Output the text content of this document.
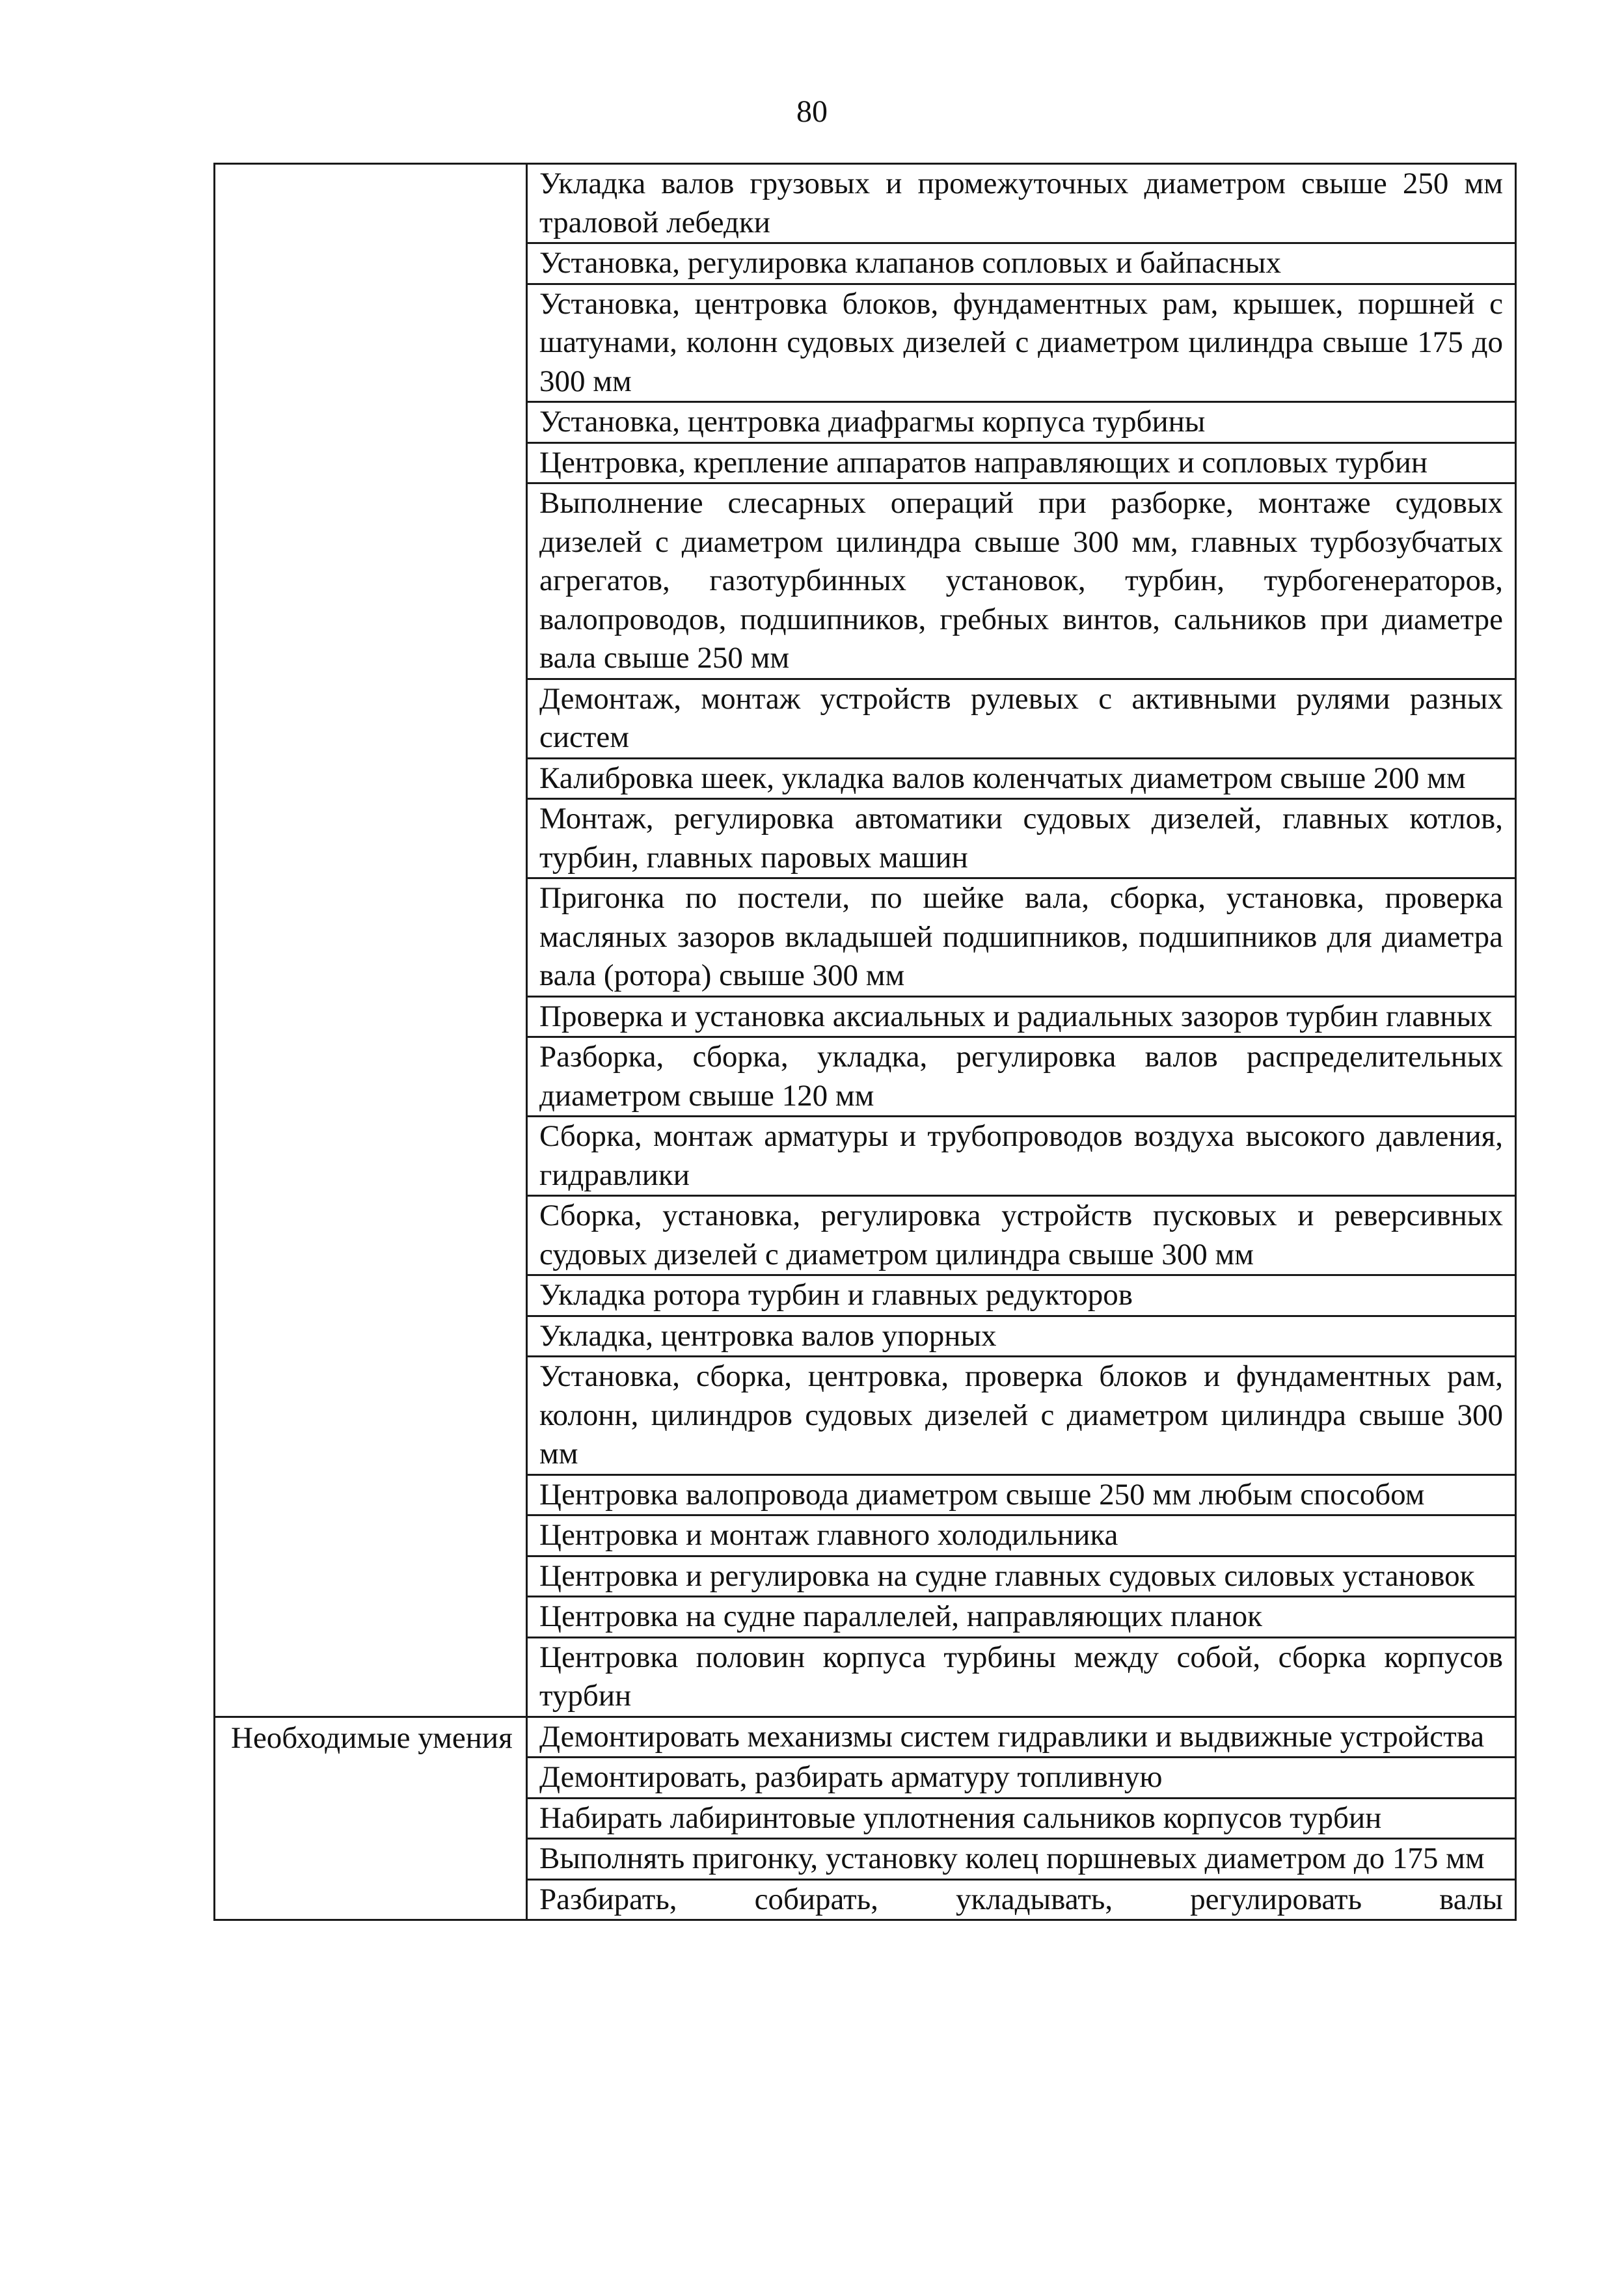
80
	Укладка валов грузовых и промежуточных диаметром свыше 250 мм траловой лебедки
	Установка, регулировка клапанов сопловых и байпасных
	Установка, центровка блоков, фундаментных рам, крышек, поршней с шатунами, колонн судовых дизелей с диаметром цилиндра свыше 175 до 300 мм
	Установка, центровка диафрагмы корпуса турбины
	Центровка, крепление аппаратов направляющих и сопловых турбин
	Выполнение слесарных операций при разборке, монтаже судовых дизелей с диаметром цилиндра свыше 300 мм, главных турбозубчатых агрегатов, газотурбинных установок, турбин, турбогенераторов, валопроводов, подшипников, гребных винтов, сальников при диаметре вала свыше 250 мм
	Демонтаж, монтаж устройств рулевых с активными рулями разных систем
	Калибровка шеек, укладка валов коленчатых диаметром свыше 200 мм
	Монтаж, регулировка автоматики судовых дизелей, главных котлов, турбин, главных паровых машин
	Пригонка по постели, по шейке вала, сборка, установка, проверка масляных зазоров вкладышей подшипников, подшипников для диаметра вала (ротора) свыше 300 мм
	Проверка и установка аксиальных и радиальных зазоров турбин главных
	Разборка, сборка, укладка, регулировка валов распределительных диаметром свыше 120 мм
	Сборка, монтаж арматуры и трубопроводов воздуха высокого давления, гидравлики
	Сборка, установка, регулировка устройств пусковых и реверсивных судовых дизелей с диаметром цилиндра свыше 300 мм
	Укладка ротора турбин и главных редукторов
	Укладка, центровка валов упорных
	Установка, сборка, центровка, проверка блоков и фундаментных рам, колонн, цилиндров судовых дизелей с диаметром цилиндра свыше 300 мм
	Центровка валопровода диаметром свыше 250 мм любым способом
	Центровка и монтаж главного холодильника
	Центровка и регулировка на судне главных судовых силовых установок
	Центровка на судне параллелей, направляющих планок
	Центровка половин корпуса турбины между собой, сборка корпусов турбин
Необходимые умения	Демонтировать механизмы систем гидравлики и выдвижные устройства
	Демонтировать, разбирать арматуру топливную
	Набирать лабиринтовые уплотнения сальников корпусов турбин
	Выполнять пригонку, установку колец поршневых диаметром до 175 мм
	Разбирать, собирать, укладывать, регулировать валы
